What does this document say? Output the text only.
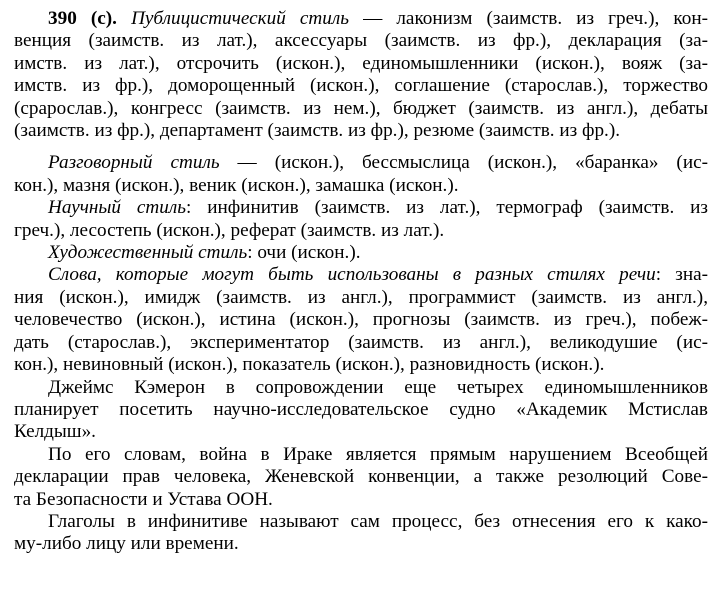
390 (с). Публицистический стиль — лаконизм (заимств. из греч.), кон-
венция (заимств. из лат.), аксессуары (заимств. из фр.), декларация (за-
имств. из лат.), отсрочить (искон.), единомышленники (искон.), вояж (за-
имств. из фр.), доморощенный (искон.), соглашение (старослав.), торжество
(срарослав.), конгресс (заимств. из нем.), бюджет (заимств. из англ.), дебаты
(заимств. из фр.), департамент (заимств. из фр.), резюме (заимств. из фр.).
Разговорный стиль — (искон.), бессмыслица (искон.), «баранка» (ис-
кон.), мазня (искон.), веник (искон.), замашка (искон.).
Научный стиль: инфинитив (заимств. из лат.), термограф (заимств. из
греч.), лесостепь (искон.), реферат (заимств. из лат.).
Художественный стиль: очи (искон.).
Слова, которые могут быть использованы в разных стилях речи: зна-
ния (искон.), имидж (заимств. из англ.), программист (заимств. из англ.),
человечество (искон.), истина (искон.), прогнозы (заимств. из греч.), побеж-
дать (старослав.), экспериментатор (заимств. из англ.), великодушие (ис-
кон.), невиновный (искон.), показатель (искон.), разновидность (искон.).
Джеймс Кэмерон в сопровождении еще четырех единомышленников
планирует посетить научно-исследовательское судно «Академик Мстислав
Келдыш».
По его словам, война в Ираке является прямым нарушением Всеобщей
декларации прав человека, Женевской конвенции, а также резолюций Сове-
та Безопасности и Устава ООН.
Глаголы в инфинитиве называют сам процесс, без отнесения его к како-
му-либо лицу или времени.
